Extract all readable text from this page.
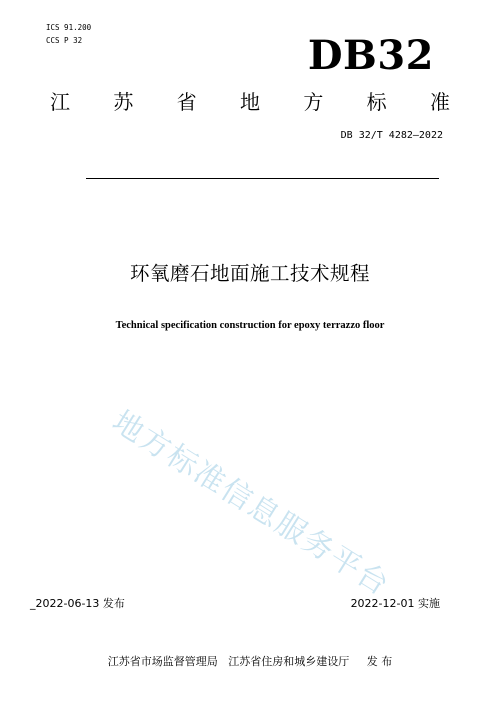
ICS 91.200
CCS P 32	DB32
江 苏 省 地 方 标 准
DB 32/T 4282—2022
环氧磨石地面施工技术规程
Technical specification construction for epoxy terrazzo floor
地方标准信息服务平台
_2022-06-13 发布	2022-12-01 实施
江苏省市场监督管理局   江苏省住房和城乡建设厅     发 布
